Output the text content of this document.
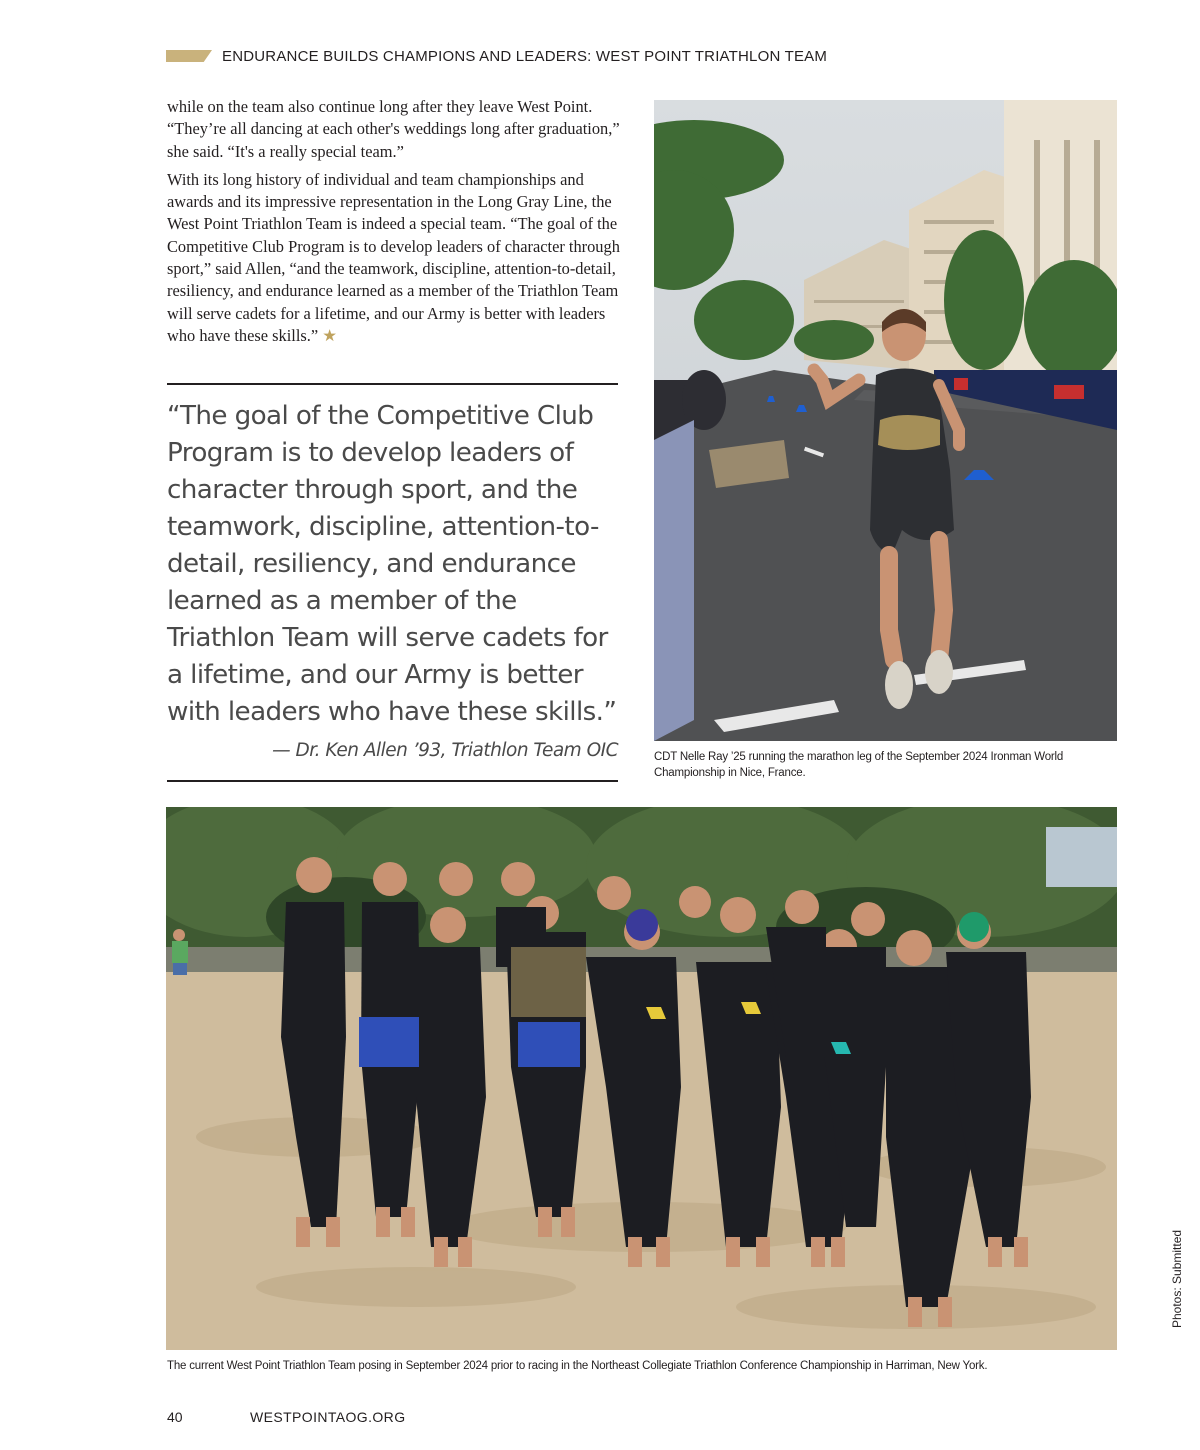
ENDURANCE BUILDS CHAMPIONS AND LEADERS: WEST POINT TRIATHLON TEAM

while on the team also continue long after they leave West Point. “They’re all dancing at each other's weddings long after graduation,” she said. “It's a really special team.”

With its long history of individual and team championships and awards and its impressive representation in the Long Gray Line, the West Point Triathlon Team is indeed a special team. “The goal of the Competitive Club Program is to develop leaders of character through sport,” said Allen, “and the teamwork, discipline, attention-to-detail, resiliency, and endurance learned as a member of the Triathlon Team will serve cadets for a lifetime, and our Army is better with leaders who have these skills.” ★

“The goal of the Competitive Club Program is to develop leaders of character through sport, and the teamwork, discipline, attention-to-detail, resiliency, and endurance learned as a member of the Triathlon Team will serve cadets for a lifetime, and our Army is better with leaders who have these skills.”
— Dr. Ken Allen ’93, Triathlon Team OIC	CDT Nelle Ray ’25 running the marathon leg of the September 2024 Ironman World Championship in Nice, France.
The current West Point Triathlon Team posing in September 2024 prior to racing in the Northeast Collegiate Triathlon Conference Championship in Harriman, New York.
Photos: Submitted
40	WESTPOINTAOG.ORG
